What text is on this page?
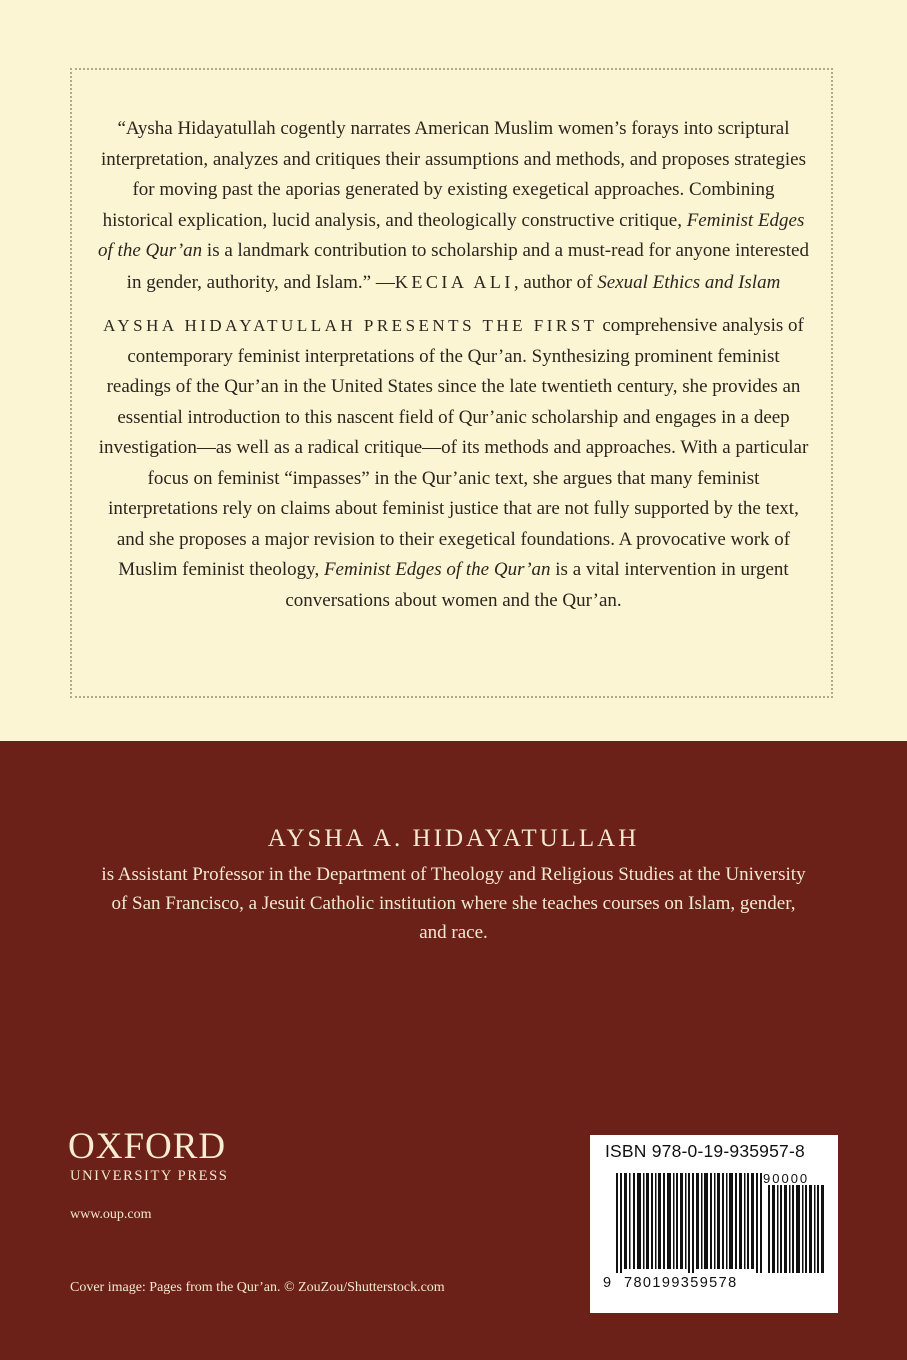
“Aysha Hidayatullah cogently narrates American Muslim women’s forays into scriptural interpretation, analyzes and critiques their assumptions and methods, and proposes strategies for moving past the aporias generated by existing exegetical approaches. Combining historical explication, lucid analysis, and theologically constructive critique, Feminist Edges of the Qur’an is a landmark contribution to scholarship and a must-read for anyone interested in gender, authority, and Islam.” —KECIA ALI, author of Sexual Ethics and Islam

AYSHA HIDAYATULLAH PRESENTS THE FIRST comprehensive analysis of contemporary feminist interpretations of the Qur’an. Synthesizing prominent feminist readings of the Qur’an in the United States since the late twentieth century, she provides an essential introduction to this nascent field of Qur’anic scholarship and engages in a deep investigation—as well as a radical critique—of its methods and approaches. With a particular focus on feminist “impasses” in the Qur’anic text, she argues that many feminist interpretations rely on claims about feminist justice that are not fully supported by the text, and she proposes a major revision to their exegetical foundations. A provocative work of Muslim feminist theology, Feminist Edges of the Qur’an is a vital intervention in urgent conversations about women and the Qur’an.

AYSHA A. HIDAYATULLAH
is Assistant Professor in the Department of Theology and Religious Studies at the University of San Francisco, a Jesuit Catholic institution where she teaches courses on Islam, gender, and race.
OXFORD
UNIVERSITY PRESS
www.oup.com
Cover image: Pages from the Qur’an. © ZouZou/Shutterstock.com
ISBN 978-0-19-935957-8
90000
9 780199359578
